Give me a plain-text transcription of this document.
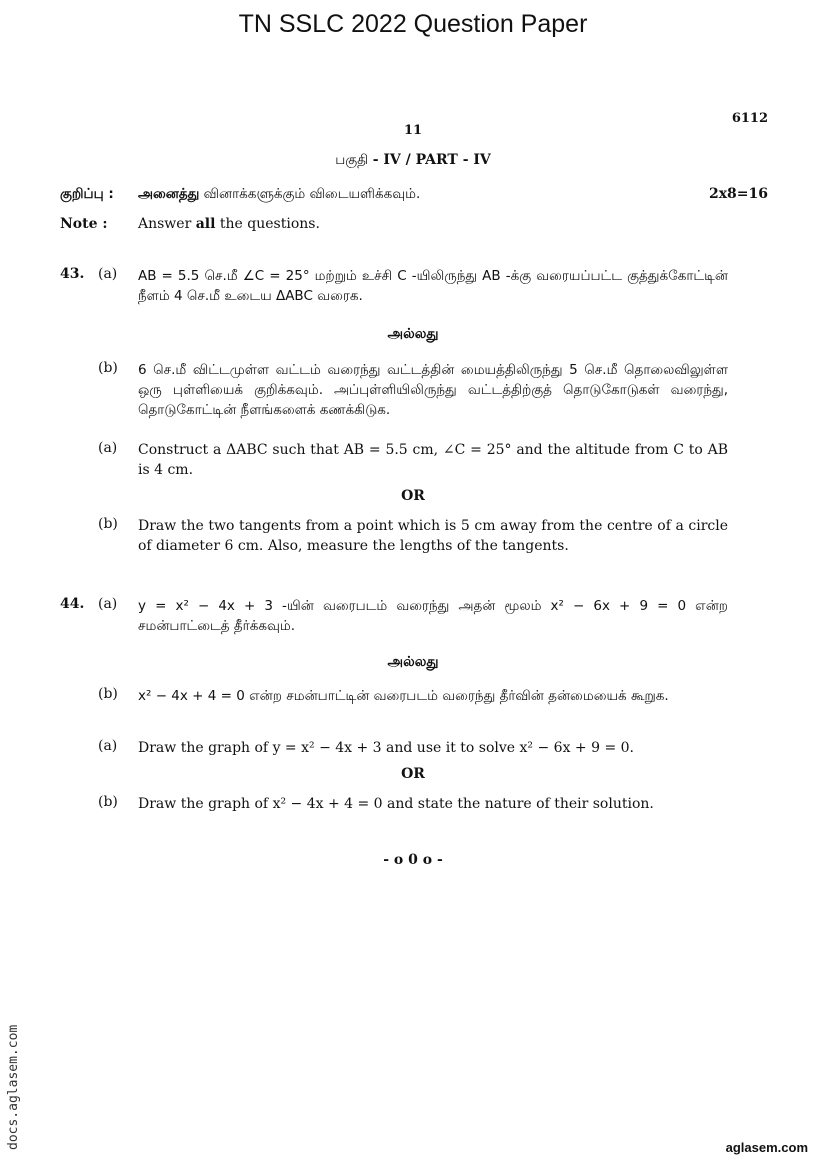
TN SSLC 2022 Question Paper
6112
11
பகுதி - IV / PART - IV
குறிப்பு : அனைத்து வினாக்களுக்கும் விடையளிக்கவும்.	2x8=16
Note : Answer all the questions.
43. (a) AB = 5.5 செ.மீ ∠C = 25° மற்றும் உச்சி C -யிலிருந்து AB -க்கு வரையப்பட்ட குத்துக்கோட்டின் நீளம் 4 செ.மீ உடைய ΔABC வரைக.
அல்லது
(b) 6 செ.மீ விட்டமுள்ள வட்டம் வரைந்து வட்டத்தின் மையத்திலிருந்து 5 செ.மீ தொலைவிலுள்ள ஒரு புள்ளியைக் குறிக்கவும். அப்புள்ளியிலிருந்து வட்டத்திற்குத் தொடுகோடுகள் வரைந்து, தொடுகோட்டின் நீளங்களைக் கணக்கிடுக.
(a) Construct a ΔABC such that AB = 5.5 cm, ∠C = 25° and the altitude from C to AB is 4 cm.
OR
(b) Draw the two tangents from a point which is 5 cm away from the centre of a circle of diameter 6 cm. Also, measure the lengths of the tangents.
44. (a) y = x² − 4x + 3 -யின் வரைபடம் வரைந்து அதன் மூலம் x² − 6x + 9 = 0 என்ற சமன்பாட்டைத் தீர்க்கவும்.
அல்லது
(b) x² − 4x + 4 = 0 என்ற சமன்பாட்டின் வரைபடம் வரைந்து தீர்வின் தன்மையைக் கூறுக.
(a) Draw the graph of y = x² − 4x + 3 and use it to solve x² − 6x + 9 = 0.
OR
(b) Draw the graph of x² − 4x + 4 = 0 and state the nature of their solution.
- o 0 o -
docs.aglasem.com	aglasem.com
